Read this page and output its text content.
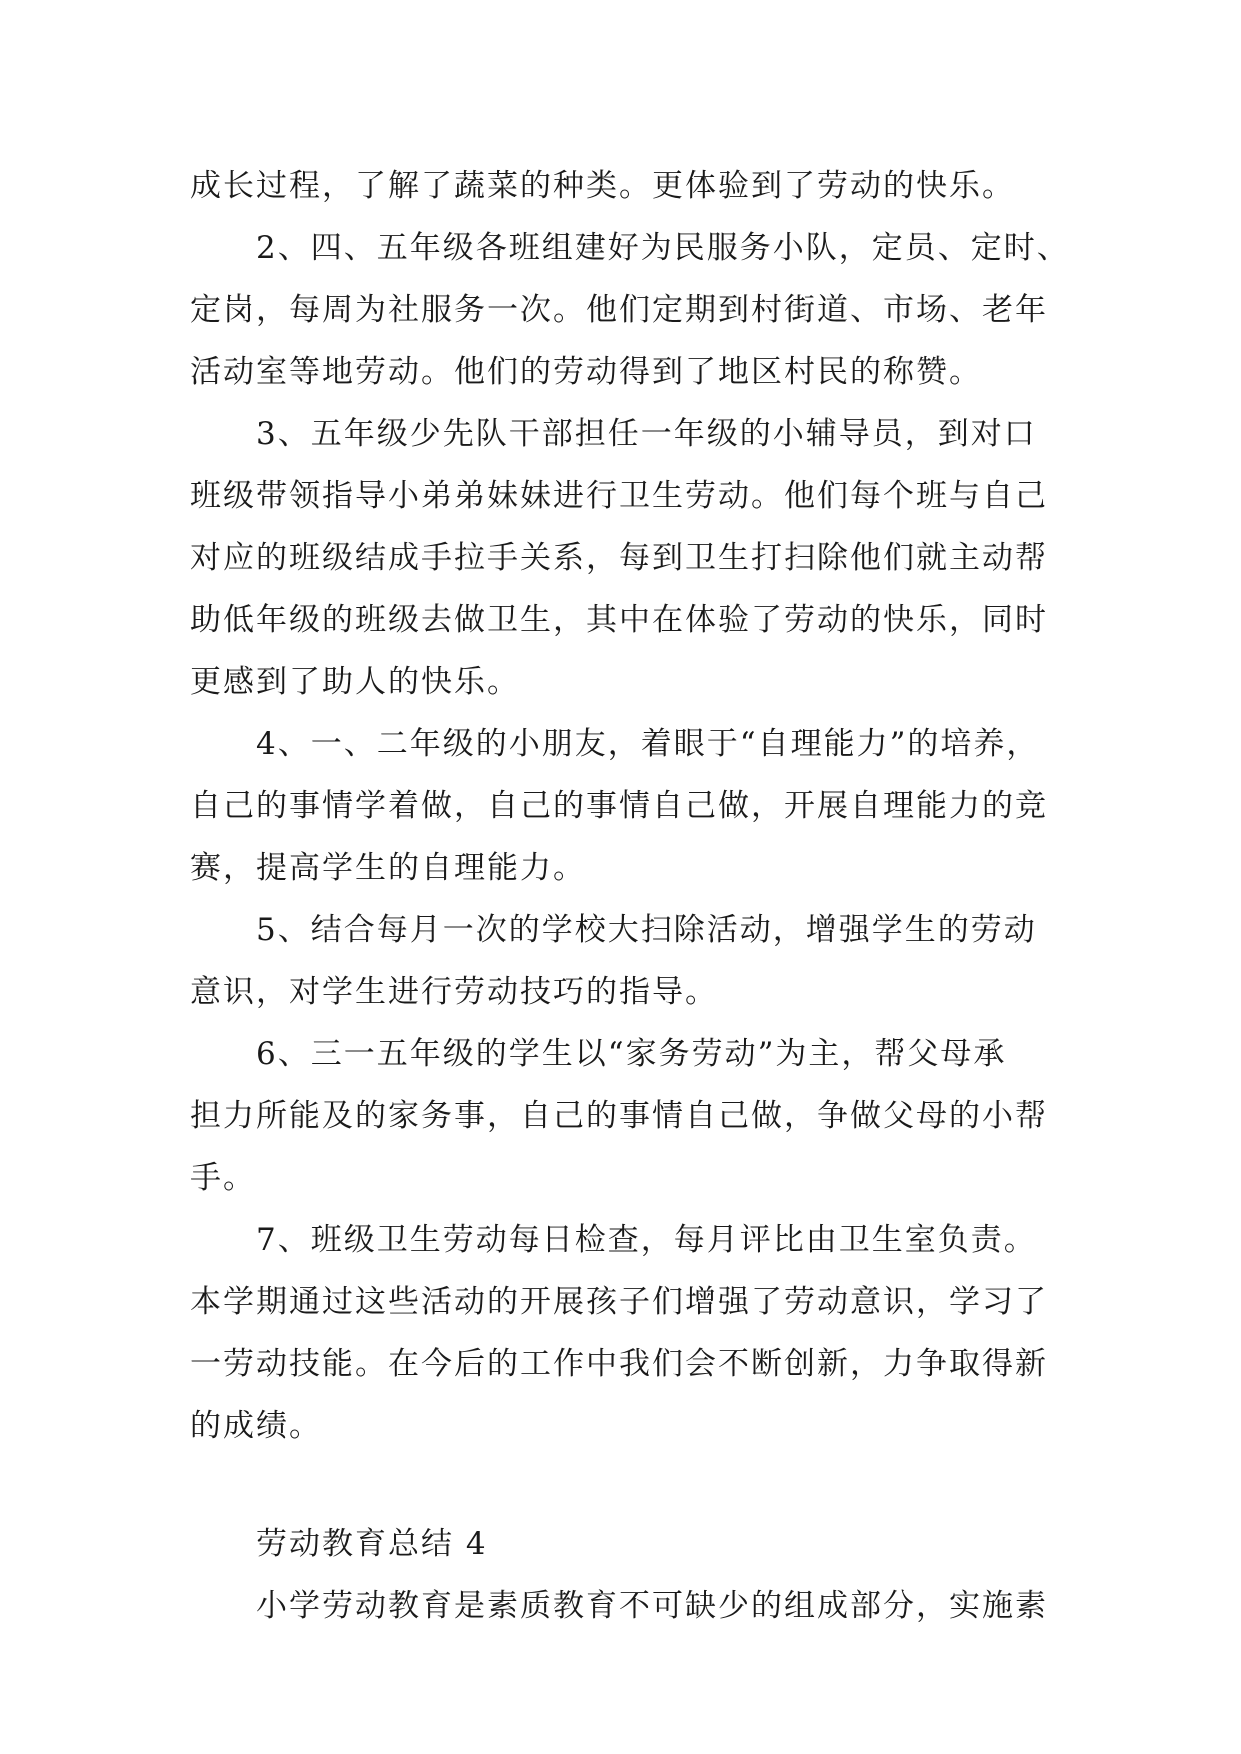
成长过程，了解了蔬菜的种类。更体验到了劳动的快乐。
2、四、五年级各班组建好为民服务小队，定员、定时、
定岗，每周为社服务一次。他们定期到村街道、市场、老年
活动室等地劳动。他们的劳动得到了地区村民的称赞。
3、五年级少先队干部担任一年级的小辅导员，到对口
班级带领指导小弟弟妹妹进行卫生劳动。他们每个班与自己
对应的班级结成手拉手关系，每到卫生打扫除他们就主动帮
助低年级的班级去做卫生，其中在体验了劳动的快乐，同时
更感到了助人的快乐。
4、一、二年级的小朋友，着眼于“自理能力”的培养，
自己的事情学着做，自己的事情自己做，开展自理能力的竞
赛，提高学生的自理能力。
5、结合每月一次的学校大扫除活动，增强学生的劳动
意识，对学生进行劳动技巧的指导。
6、三一五年级的学生以“家务劳动”为主，帮父母承
担力所能及的家务事，自己的事情自己做，争做父母的小帮
手。
7、班级卫生劳动每日检查，每月评比由卫生室负责。
本学期通过这些活动的开展孩子们增强了劳动意识，学习了
一劳动技能。在今后的工作中我们会不断创新，力争取得新
的成绩。
劳动教育总结 4
小学劳动教育是素质教育不可缺少的组成部分，实施素
